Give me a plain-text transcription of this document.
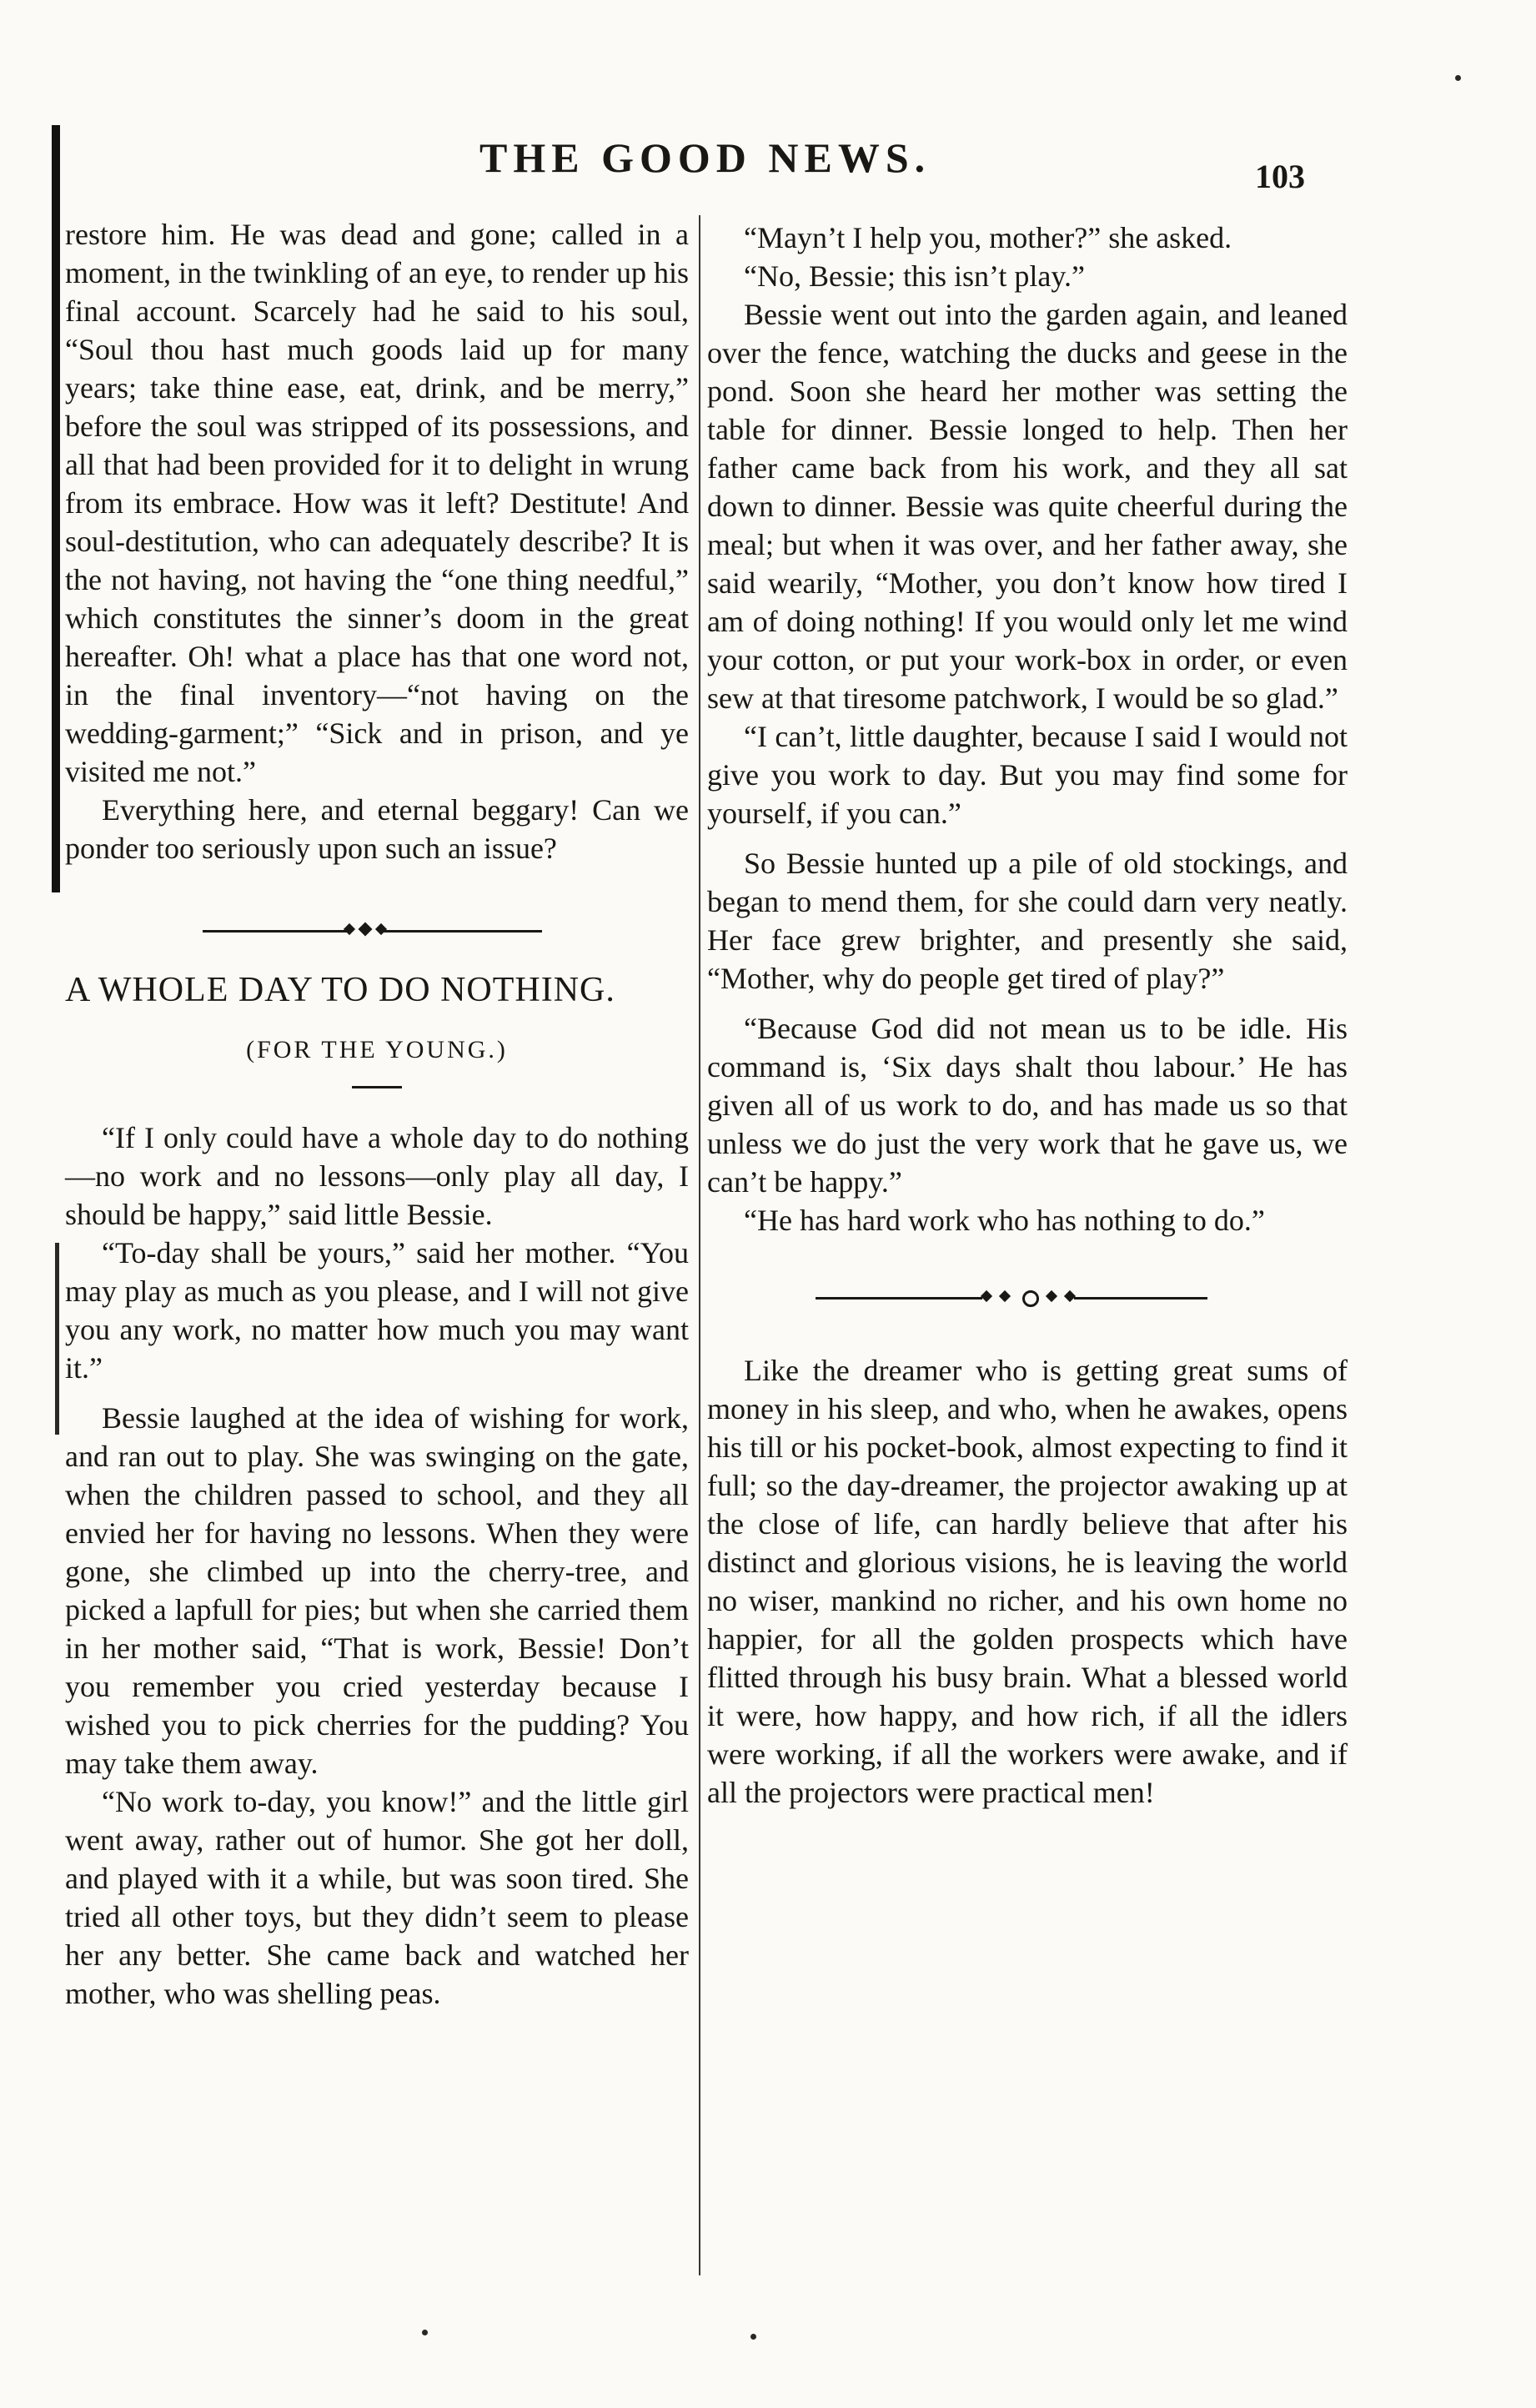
THE GOOD NEWS.	103

restore him. He was dead and gone; called in a moment, in the twinkling of an eye, to render up his final account. Scarcely had he said to his soul, “Soul thou hast much goods laid up for many years; take thine ease, eat, drink, and be merry,” before the soul was stripped of its possessions, and all that had been provided for it to delight in wrung from its embrace. How was it left? Destitute! And soul-destitution, who can adequately describe? It is the not having, not having the “one thing needful,” which constitutes the sinner’s doom in the great hereafter. Oh! what a place has that one word not, in the final inventory—“not having on the wedding-garment;” “Sick and in prison, and ye visited me not.”

Everything here, and eternal beggary! Can we ponder too seriously upon such an issue?

A WHOLE DAY TO DO NOTHING.
(FOR THE YOUNG.)

“If I only could have a whole day to do nothing—no work and no lessons—only play all day, I should be happy,” said little Bessie.

“To-day shall be yours,” said her mother. “You may play as much as you please, and I will not give you any work, no matter how much you may want it.”

Bessie laughed at the idea of wishing for work, and ran out to play. She was swinging on the gate, when the children passed to school, and they all envied her for having no lessons. When they were gone, she climbed up into the cherry-tree, and picked a lapfull for pies; but when she carried them in her mother said, “That is work, Bessie! Don’t you remember you cried yesterday because I wished you to pick cherries for the pudding? You may take them away.

“No work to-day, you know!” and the little girl went away, rather out of humor. She got her doll, and played with it a while, but was soon tired. She tried all other toys, but they didn’t seem to please her any better. She came back and watched her mother, who was shelling peas.

“Mayn’t I help you, mother?” she asked.

“No, Bessie; this isn’t play.”

Bessie went out into the garden again, and leaned over the fence, watching the ducks and geese in the pond. Soon she heard her mother was setting the table for dinner. Bessie longed to help. Then her father came back from his work, and they all sat down to dinner. Bessie was quite cheerful during the meal; but when it was over, and her father away, she said wearily, “Mother, you don’t know how tired I am of doing nothing! If you would only let me wind your cotton, or put your work-box in order, or even sew at that tiresome patchwork, I would be so glad.”

“I can’t, little daughter, because I said I would not give you work to day. But you may find some for yourself, if you can.”

So Bessie hunted up a pile of old stockings, and began to mend them, for she could darn very neatly. Her face grew brighter, and presently she said, “Mother, why do people get tired of play?”

“Because God did not mean us to be idle. His command is, ‘Six days shalt thou labour.’ He has given all of us work to do, and has made us so that unless we do just the very work that he gave us, we can’t be happy.”

“He has hard work who has nothing to do.”

Like the dreamer who is getting great sums of money in his sleep, and who, when he awakes, opens his till or his pocket-book, almost expecting to find it full; so the day-dreamer, the projector awaking up at the close of life, can hardly believe that after his distinct and glorious visions, he is leaving the world no wiser, mankind no richer, and his own home no happier, for all the golden prospects which have flitted through his busy brain. What a blessed world it were, how happy, and how rich, if all the idlers were working, if all the workers were awake, and if all the projectors were practical men!
